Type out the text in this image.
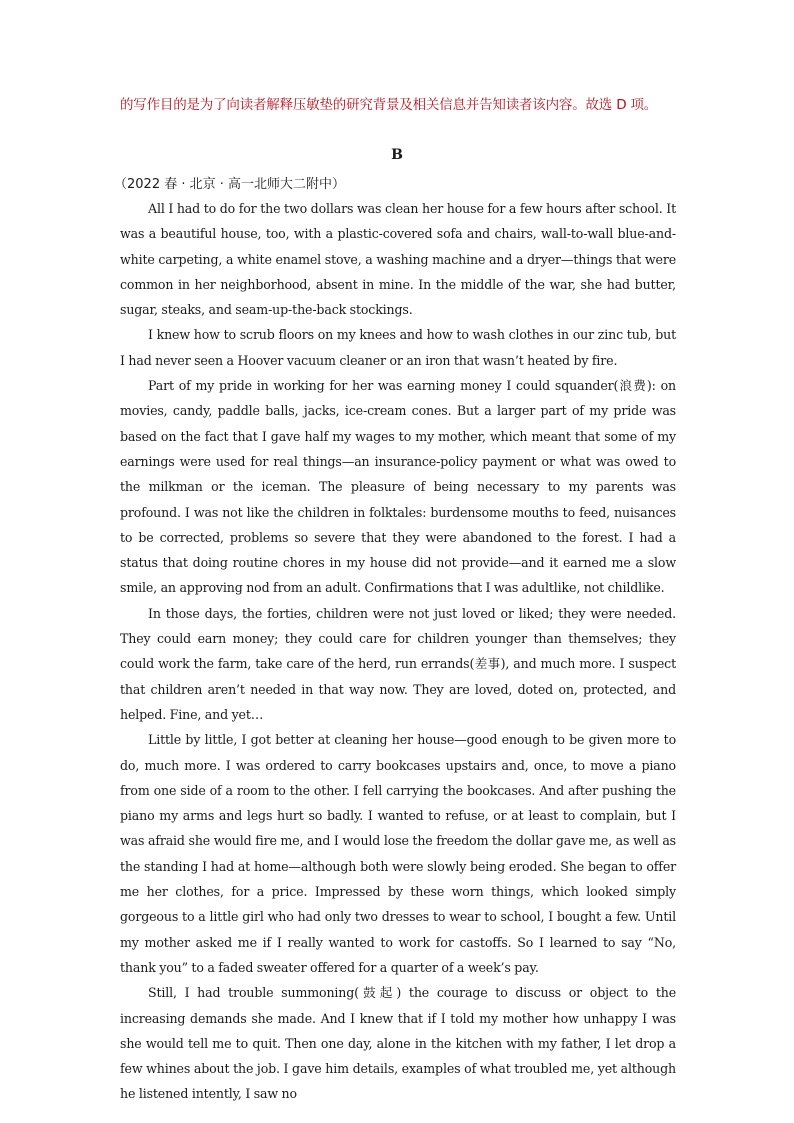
的写作目的是为了向读者解释压敏垫的研究背景及相关信息并告知读者该内容。故选 D 项。
B
（2022 春 · 北京 · 高一北师大二附中）

All I had to do for the two dollars was clean her house for a few hours after school. It was a beautiful house, too, with a plastic-covered sofa and chairs, wall-to-wall blue-and-white carpeting, a white enamel stove, a washing machine and a dryer—things that were common in her neighborhood, absent in mine. In the middle of the war, she had butter, sugar, steaks, and seam-up-the-back stockings.

I knew how to scrub floors on my knees and how to wash clothes in our zinc tub, but I had never seen a Hoover vacuum cleaner or an iron that wasn’t heated by fire.

Part of my pride in working for her was earning money I could squander(浪费): on movies, candy, paddle balls, jacks, ice-cream cones. But a larger part of my pride was based on the fact that I gave half my wages to my mother, which meant that some of my earnings were used for real things—an insurance-policy payment or what was owed to the milkman or the iceman. The pleasure of being necessary to my parents was profound. I was not like the children in folktales: burdensome mouths to feed, nuisances to be corrected, problems so severe that they were abandoned to the forest. I had a status that doing routine chores in my house did not provide—and it earned me a slow smile, an approving nod from an adult. Confirmations that I was adultlike, not childlike.

In those days, the forties, children were not just loved or liked; they were needed. They could earn money; they could care for children younger than themselves; they could work the farm, take care of the herd, run errands(差事), and much more. I suspect that children aren’t needed in that way now. They are loved, doted on, protected, and helped. Fine, and yet…

Little by little, I got better at cleaning her house—good enough to be given more to do, much more. I was ordered to carry bookcases upstairs and, once, to move a piano from one side of a room to the other. I fell carrying the bookcases. And after pushing the piano my arms and legs hurt so badly. I wanted to refuse, or at least to complain, but I was afraid she would fire me, and I would lose the freedom the dollar gave me, as well as the standing I had at home—although both were slowly being eroded. She began to offer me her clothes, for a price. Impressed by these worn things, which looked simply gorgeous to a little girl who had only two dresses to wear to school, I bought a few. Until my mother asked me if I really wanted to work for castoffs. So I learned to say “No, thank you” to a faded sweater offered for a quarter of a week’s pay.

Still, I had trouble summoning(鼓起) the courage to discuss or object to the increasing demands she made. And I knew that if I told my mother how unhappy I was she would tell me to quit. Then one day, alone in the kitchen with my father, I let drop a few whines about the job. I gave him details, examples of what troubled me, yet although he listened intently, I saw no
